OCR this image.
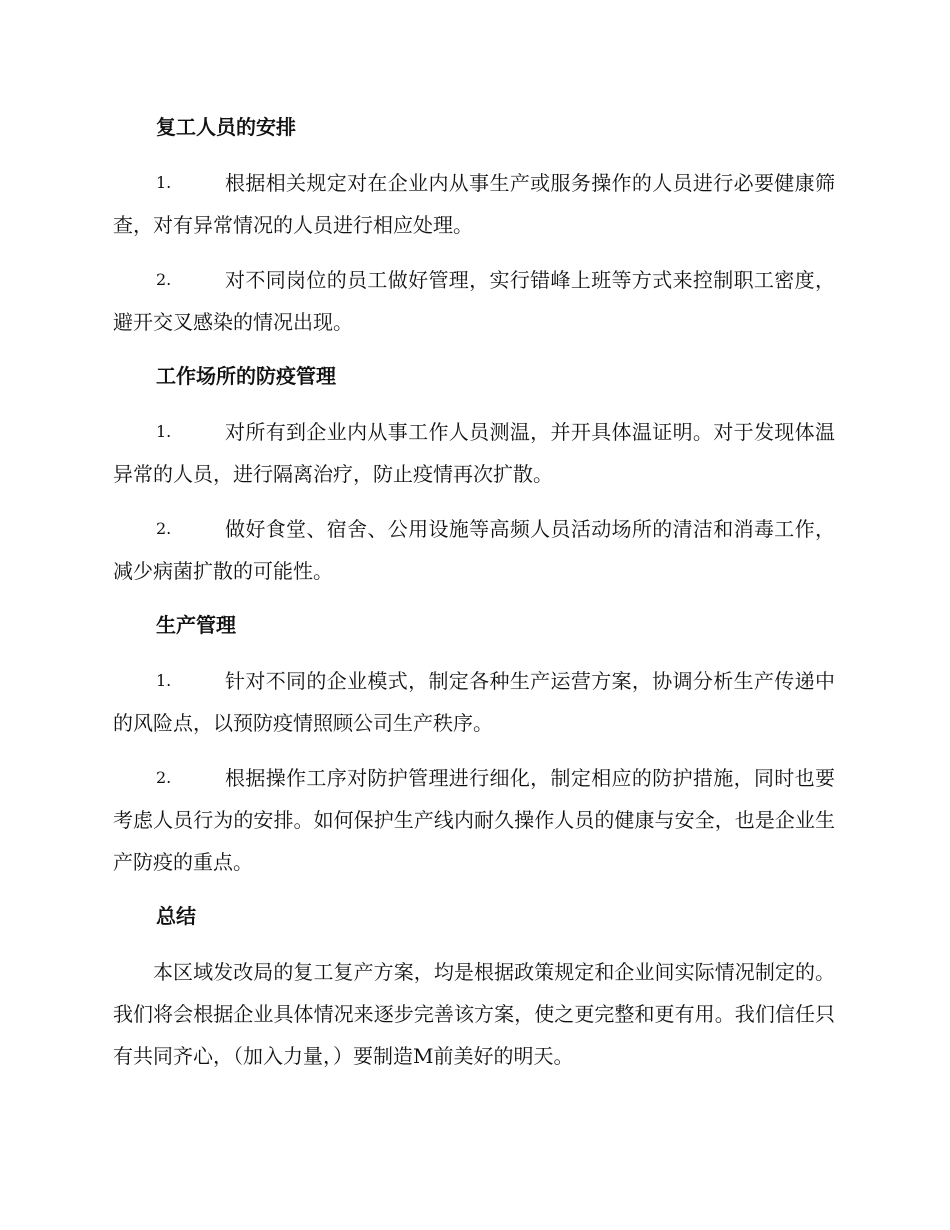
复工人员的安排
1.	根据相关规定对在企业内从事生产或服务操作的人员进行必要健康筛查，对有异常情况的人员进行相应处理。
2.	对不同岗位的员工做好管理，实行错峰上班等方式来控制职工密度，避开交叉感染的情况出现。
工作场所的防疫管理
1.	对所有到企业内从事工作人员测温，并开具体温证明。对于发现体温异常的人员，进行隔离治疗，防止疫情再次扩散。
2.	做好食堂、宿舍、公用设施等高频人员活动场所的清洁和消毒工作，减少病菌扩散的可能性。
生产管理
1.	针对不同的企业模式，制定各种生产运营方案，协调分析生产传递中的风险点，以预防疫情照顾公司生产秩序。
2.	根据操作工序对防护管理进行细化，制定相应的防护措施，同时也要考虑人员行为的安排。如何保护生产线内耐久操作人员的健康与安全，也是企业生产防疫的重点。
总结
本区域发改局的复工复产方案，均是根据政策规定和企业间实际情况制定的。我们将会根据企业具体情况来逐步完善该方案，使之更完整和更有用。我们信任只有共同齐心，（加入力量，）要制造M前美好的明天。
